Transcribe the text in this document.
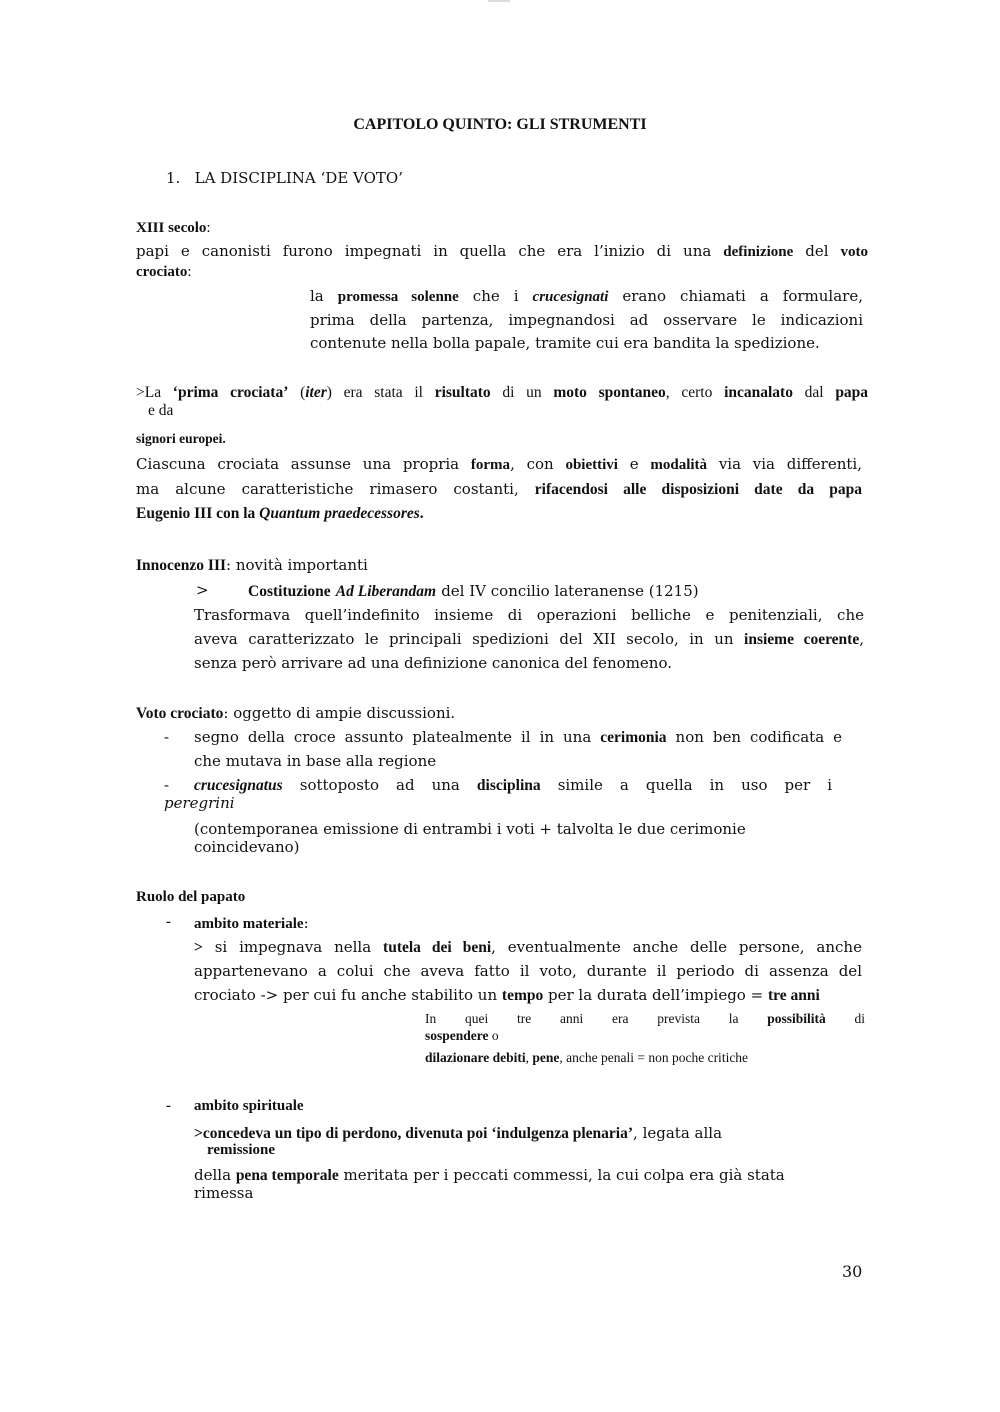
CAPITOLO QUINTO: GLI STRUMENTI
1. LA DISCIPLINA ‘DE VOTO’
XIII secolo:
papi e canonisti furono impegnati in quella che era l’inizio di una definizione del voto
crociato:
la promessa solenne che i crucesignati erano chiamati a formulare,
prima della partenza, impegnandosi ad osservare le indicazioni
contenute nella bolla papale, tramite cui era bandita la spedizione.
>La ‘prima crociata’ (iter) era stata il risultato di un moto spontaneo, certo incanalato dal papa
e da
signori europei.
Ciascuna crociata assunse una propria forma, con obiettivi e modalità via via differenti,
ma alcune caratteristiche rimasero costanti, rifacendosi alle disposizioni date da papa
Eugenio III con la Quantum praedecessores.
Innocenzo III: novità importanti
>	Costituzione Ad Liberandam del IV concilio lateranense (1215)
Trasformava quell’indefinito insieme di operazioni belliche e penitenziali, che
aveva caratterizzato le principali spedizioni del XII secolo, in un insieme coerente,
senza però arrivare ad una definizione canonica del fenomeno.
Voto crociato: oggetto di ampie discussioni.
- segno della croce assunto platealmente il in una cerimonia non ben codificata e
che mutava in base alla regione
- crucesignatus sottoposto ad una disciplina simile a quella in uso per i
peregrini
(contemporanea emissione di entrambi i voti + talvolta le due cerimonie
coincidevano)
Ruolo del papato
- ambito materiale:
> si impegnava nella tutela dei beni, eventualmente anche delle persone, anche
appartenevano a colui che aveva fatto il voto, durante il periodo di assenza del
crociato -> per cui fu anche stabilito un tempo per la durata dell’impiego = tre anni
In quei tre anni era prevista la possibilità di
sospendere o
dilazionare debiti, pene, anche penali = non poche critiche
- ambito spirituale
>concedeva un tipo di perdono, divenuta poi ‘indulgenza plenaria’, legata alla
remissione
della pena temporale meritata per i peccati commessi, la cui colpa era già stata
rimessa
30
